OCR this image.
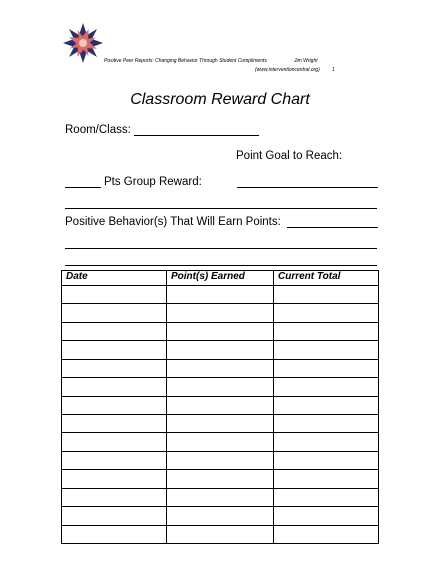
Positive Peer Reports: Changing Behavior Through Student Compliments	Jim Wright
(www.interventioncentral.org) 1
Classroom Reward Chart
Room/Class:
Point Goal to Reach:
Pts Group Reward:
Positive Behavior(s) That Will Earn Points:
Date	Point(s) Earned	Current Total
